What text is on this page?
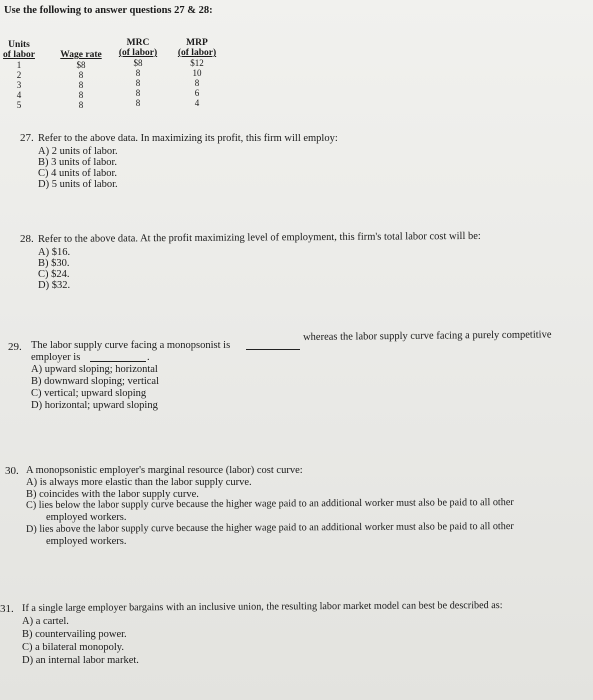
Use the following to answer questions 27 & 28:
Units
of labor
1
2
3
4
5
Wage rate
$8
8
8
8
8
MRC
(of labor)
$8
8
8
8
8
MRP
(of labor)
$12
10
8
6
4
27. Refer to the above data. In maximizing its profit, this firm will employ:
A) 2 units of labor.
B) 3 units of labor.
C) 4 units of labor.
D) 5 units of labor.
28. Refer to the above data. At the profit maximizing level of employment, this firm's total labor cost will be:
A) $16.
B) $30.
C) $24.
D) $32.
29. The labor supply curve facing a monopsonist is
whereas the labor supply curve facing a purely competitive
employer is	.
A) upward sloping; horizontal
B) downward sloping; vertical
C) vertical; upward sloping
D) horizontal; upward sloping
30. A monopsonistic employer's marginal resource (labor) cost curve:
A) is always more elastic than the labor supply curve.
B) coincides with the labor supply curve.
C) lies below the labor supply curve because the higher wage paid to an additional worker must also be paid to all other
employed workers.
D) lies above the labor supply curve because the higher wage paid to an additional worker must also be paid to all other
employed workers.
31. If a single large employer bargains with an inclusive union, the resulting labor market model can best be described as:
A) a cartel.
B) countervailing power.
C) a bilateral monopoly.
D) an internal labor market.
